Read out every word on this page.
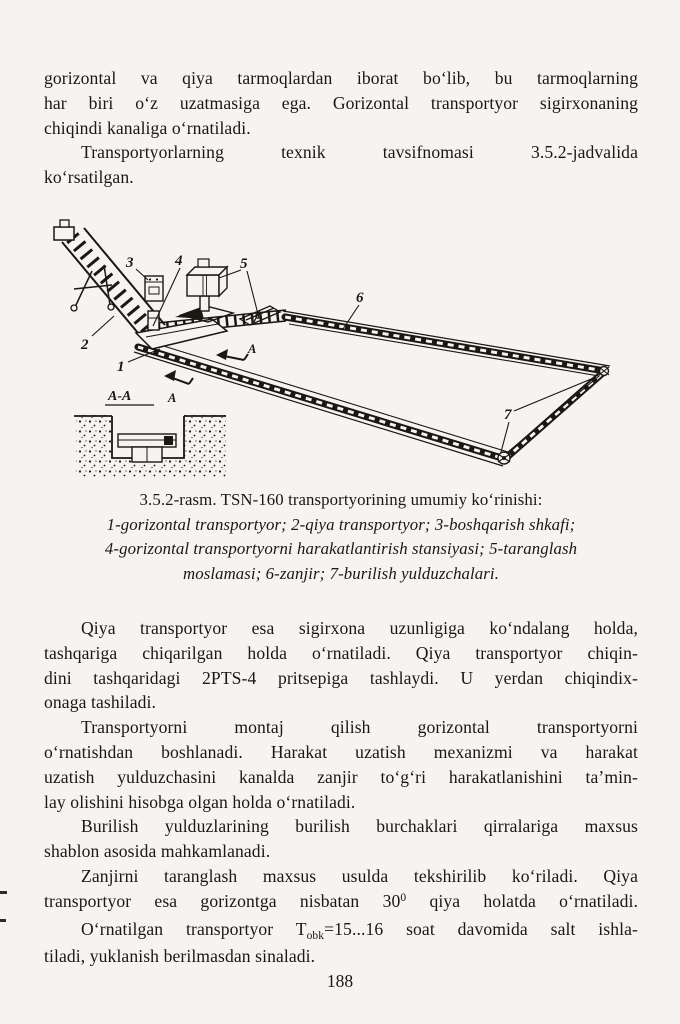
gorizontal va qiya tarmoqlardan iborat bo‘lib, bu tarmoqlarning
har biri o‘z uzatmasiga ega. Gorizontal transportyor sigirxonaning
chiqindi kanaliga o‘rnatiladi.
Transportyorlarning texnik tavsifnomasi 3.5.2-jadvalida
ko‘rsatilgan.
A-A
A
A
1
2
3	4	5
6
7
3.5.2-rasm. TSN-160 transportyorining umumiy ko‘rinishi:
1-gorizontal transportyor; 2-qiya transportyor; 3-boshqarish shkafi;
4-gorizontal transportyorni harakatlantirish stansiyasi; 5-taranglash
moslamasi; 6-zanjir; 7-burilish yulduzchalari.
Qiya transportyor esa sigirxona uzunligiga ko‘ndalang holda,
tashqariga chiqarilgan holda o‘rnatiladi. Qiya transportyor chiqin-
dini tashqaridagi 2PTS-4 pritsepiga tashlaydi. U yerdan chiqindix-
onaga tashiladi.
Transportyorni montaj qilish gorizontal transportyorni
o‘rnatishdan boshlanadi. Harakat uzatish mexanizmi va harakat
uzatish yulduzchasini kanalda zanjir to‘g‘ri harakatlanishini ta’min-
lay olishini hisobga olgan holda o‘rnatiladi.
Burilish yulduzlarining burilish burchaklari qirralariga maxsus
shablon asosida mahkamlanadi.
Zanjirni taranglash maxsus usulda tekshirilib ko‘riladi. Qiya
transportyor esa gorizontga nisbatan $30^0$ qiya holatda o‘rnatiladi.
O‘rnatilgan transportyor $T_{obk}=15...16$ soat davomida salt ishla-
tiladi, yuklanish berilmasdan sinaladi.
188
